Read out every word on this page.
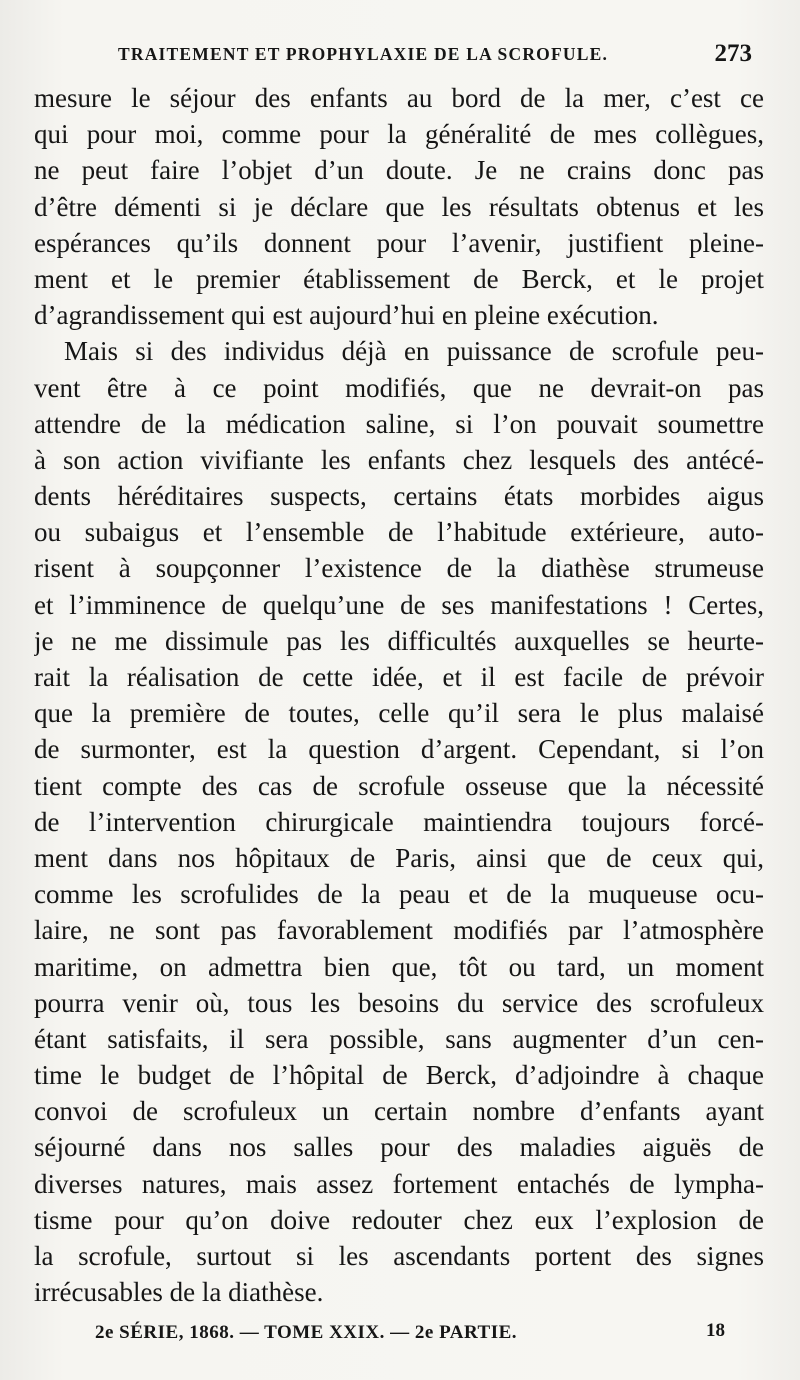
TRAITEMENT ET PROPHYLAXIE DE LA SCROFULE.	273
mesure le séjour des enfants au bord de la mer, c’est ce
qui pour moi, comme pour la généralité de mes collègues,
ne peut faire l’objet d’un doute. Je ne crains donc pas
d’être démenti si je déclare que les résultats obtenus et les
espérances qu’ils donnent pour l’avenir, justifient pleine-
ment et le premier établissement de Berck, et le projet
d’agrandissement qui est aujourd’hui en pleine exécution.
Mais si des individus déjà en puissance de scrofule peu-
vent être à ce point modifiés, que ne devrait-on pas
attendre de la médication saline, si l’on pouvait soumettre
à son action vivifiante les enfants chez lesquels des antécé-
dents héréditaires suspects, certains états morbides aigus
ou subaigus et l’ensemble de l’habitude extérieure, auto-
risent à soupçonner l’existence de la diathèse strumeuse
et l’imminence de quelqu’une de ses manifestations ! Certes,
je ne me dissimule pas les difficultés auxquelles se heurte-
rait la réalisation de cette idée, et il est facile de prévoir
que la première de toutes, celle qu’il sera le plus malaisé
de surmonter, est la question d’argent. Cependant, si l’on
tient compte des cas de scrofule osseuse que la nécessité
de l’intervention chirurgicale maintiendra toujours forcé-
ment dans nos hôpitaux de Paris, ainsi que de ceux qui,
comme les scrofulides de la peau et de la muqueuse ocu-
laire, ne sont pas favorablement modifiés par l’atmosphère
maritime, on admettra bien que, tôt ou tard, un moment
pourra venir où, tous les besoins du service des scrofuleux
étant satisfaits, il sera possible, sans augmenter d’un cen-
time le budget de l’hôpital de Berck, d’adjoindre à chaque
convoi de scrofuleux un certain nombre d’enfants ayant
séjourné dans nos salles pour des maladies aiguës de
diverses natures, mais assez fortement entachés de lympha-
tisme pour qu’on doive redouter chez eux l’explosion de
la scrofule, surtout si les ascendants portent des signes
irrécusables de la diathèse.
2e SÉRIE, 1868. — TOME XXIX. — 2e PARTIE.	18
